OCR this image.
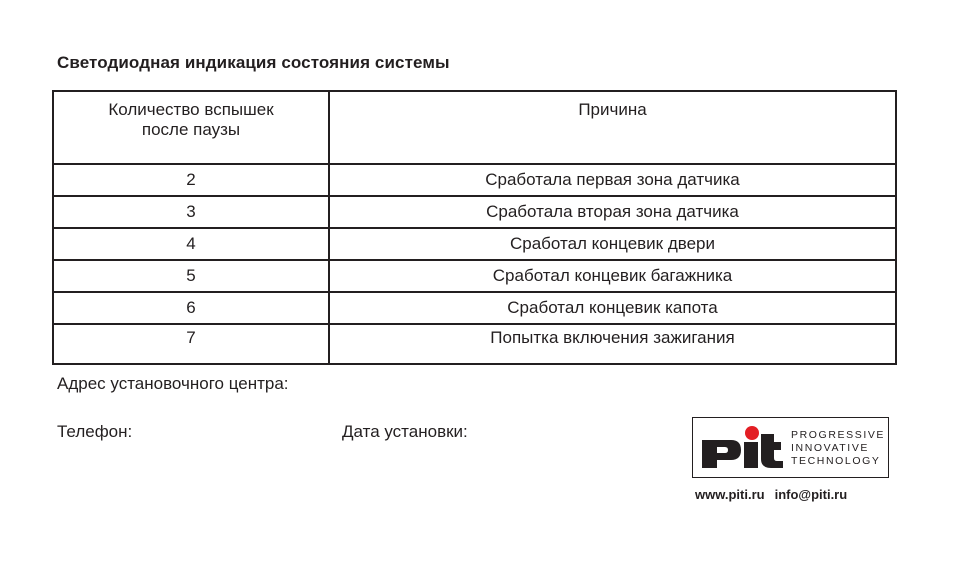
Светодиодная индикация состояния системы
Количество вспышек после паузы	Причина
2	Сработала первая зона датчика
3	Сработала вторая зона датчика
4	Сработал концевик двери
5	Сработал концевик багажника
6	Сработал концевик капота
7	Попытка включения зажигания
Адрес установочного центра:
Телефон:	Дата установки:	PROGRESSIVE
INNOVATIVE
TECHNOLOGY
www.piti.ru info@piti.ru
